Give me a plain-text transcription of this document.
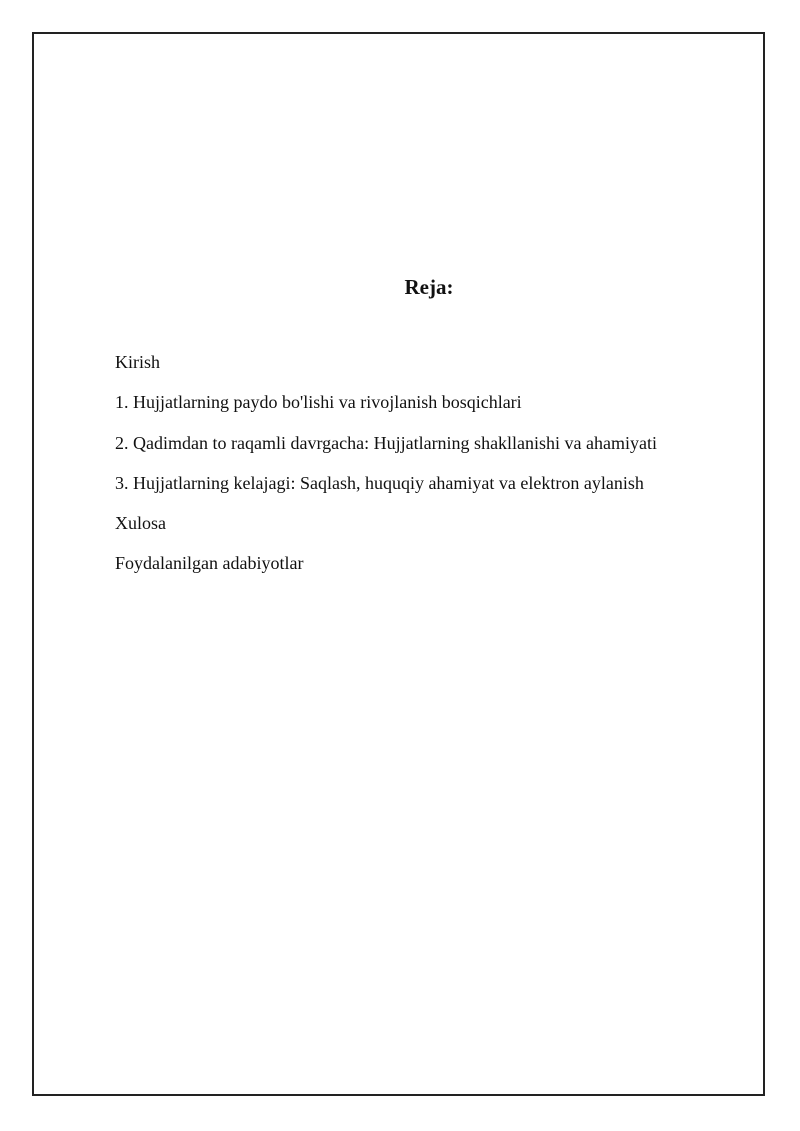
Reja:
Kirish
1. Hujjatlarning paydo bo'lishi va rivojlanish bosqichlari
2. Qadimdan to raqamli davrgacha: Hujjatlarning shakllanishi va ahamiyati
3. Hujjatlarning kelajagi: Saqlash, huquqiy ahamiyat va elektron aylanish
Xulosa
Foydalanilgan adabiyotlar
